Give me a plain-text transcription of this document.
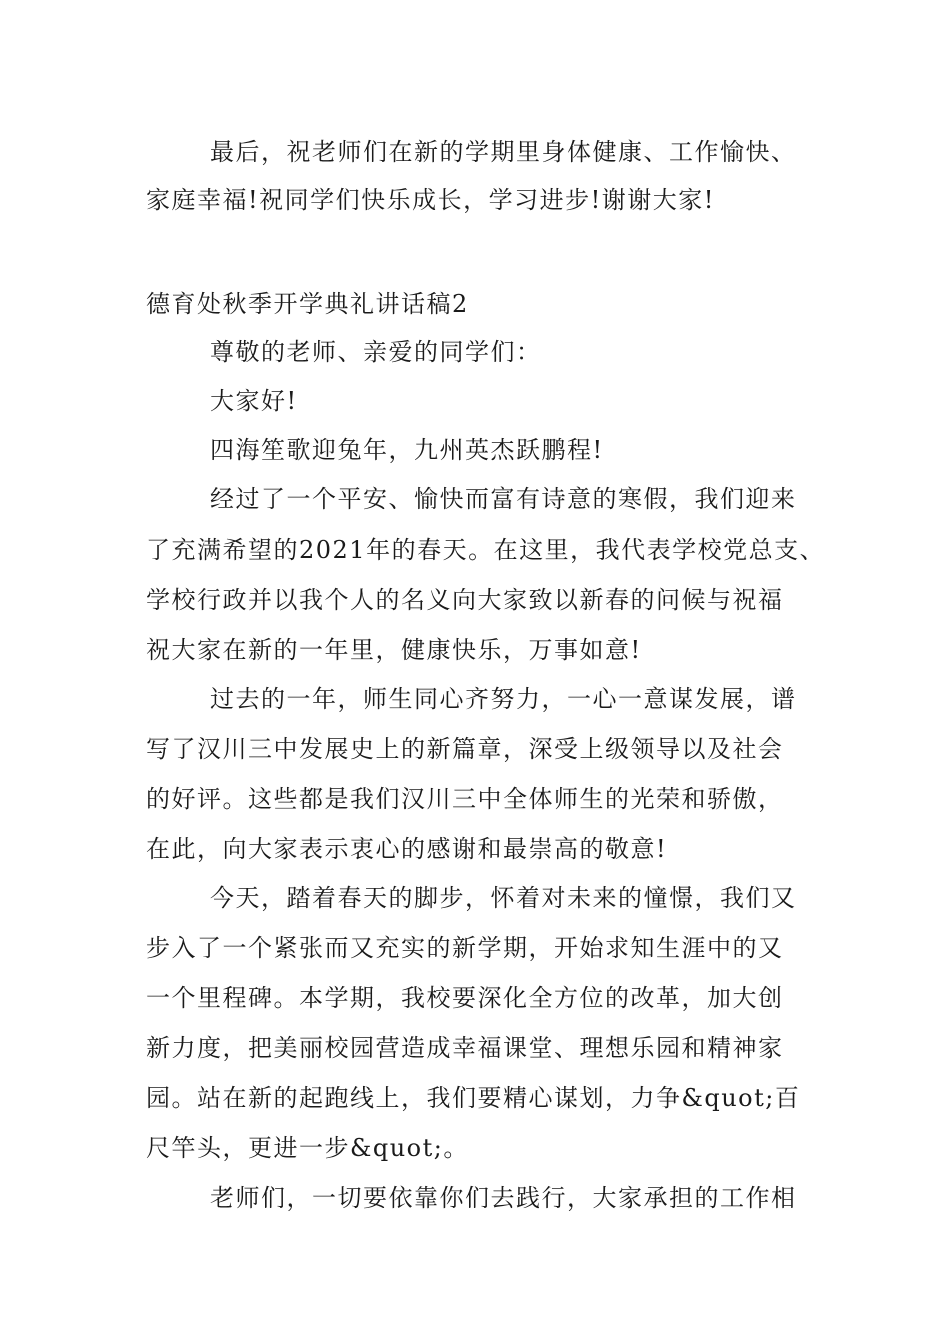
最后，祝老师们在新的学期里身体健康、工作愉快、
家庭幸福!祝同学们快乐成长，学习进步!谢谢大家!
德育处秋季开学典礼讲话稿2
尊敬的老师、亲爱的同学们：
大家好!
四海笙歌迎兔年，九州英杰跃鹏程!
经过了一个平安、愉快而富有诗意的寒假，我们迎来
了充满希望的2021年的春天。在这里，我代表学校党总支、
学校行政并以我个人的名义向大家致以新春的问候与祝福
祝大家在新的一年里，健康快乐，万事如意!
过去的一年，师生同心齐努力，一心一意谋发展，谱
写了汉川三中发展史上的新篇章，深受上级领导以及社会
的好评。这些都是我们汉川三中全体师生的光荣和骄傲，
在此，向大家表示衷心的感谢和最崇高的敬意!
今天，踏着春天的脚步，怀着对未来的憧憬，我们又
步入了一个紧张而又充实的新学期，开始求知生涯中的又
一个里程碑。本学期，我校要深化全方位的改革，加大创
新力度，把美丽校园营造成幸福课堂、理想乐园和精神家
园。站在新的起跑线上，我们要精心谋划，力争&quot;百
尺竿头，更进一步&quot;。
老师们，一切要依靠你们去践行，大家承担的工作相
